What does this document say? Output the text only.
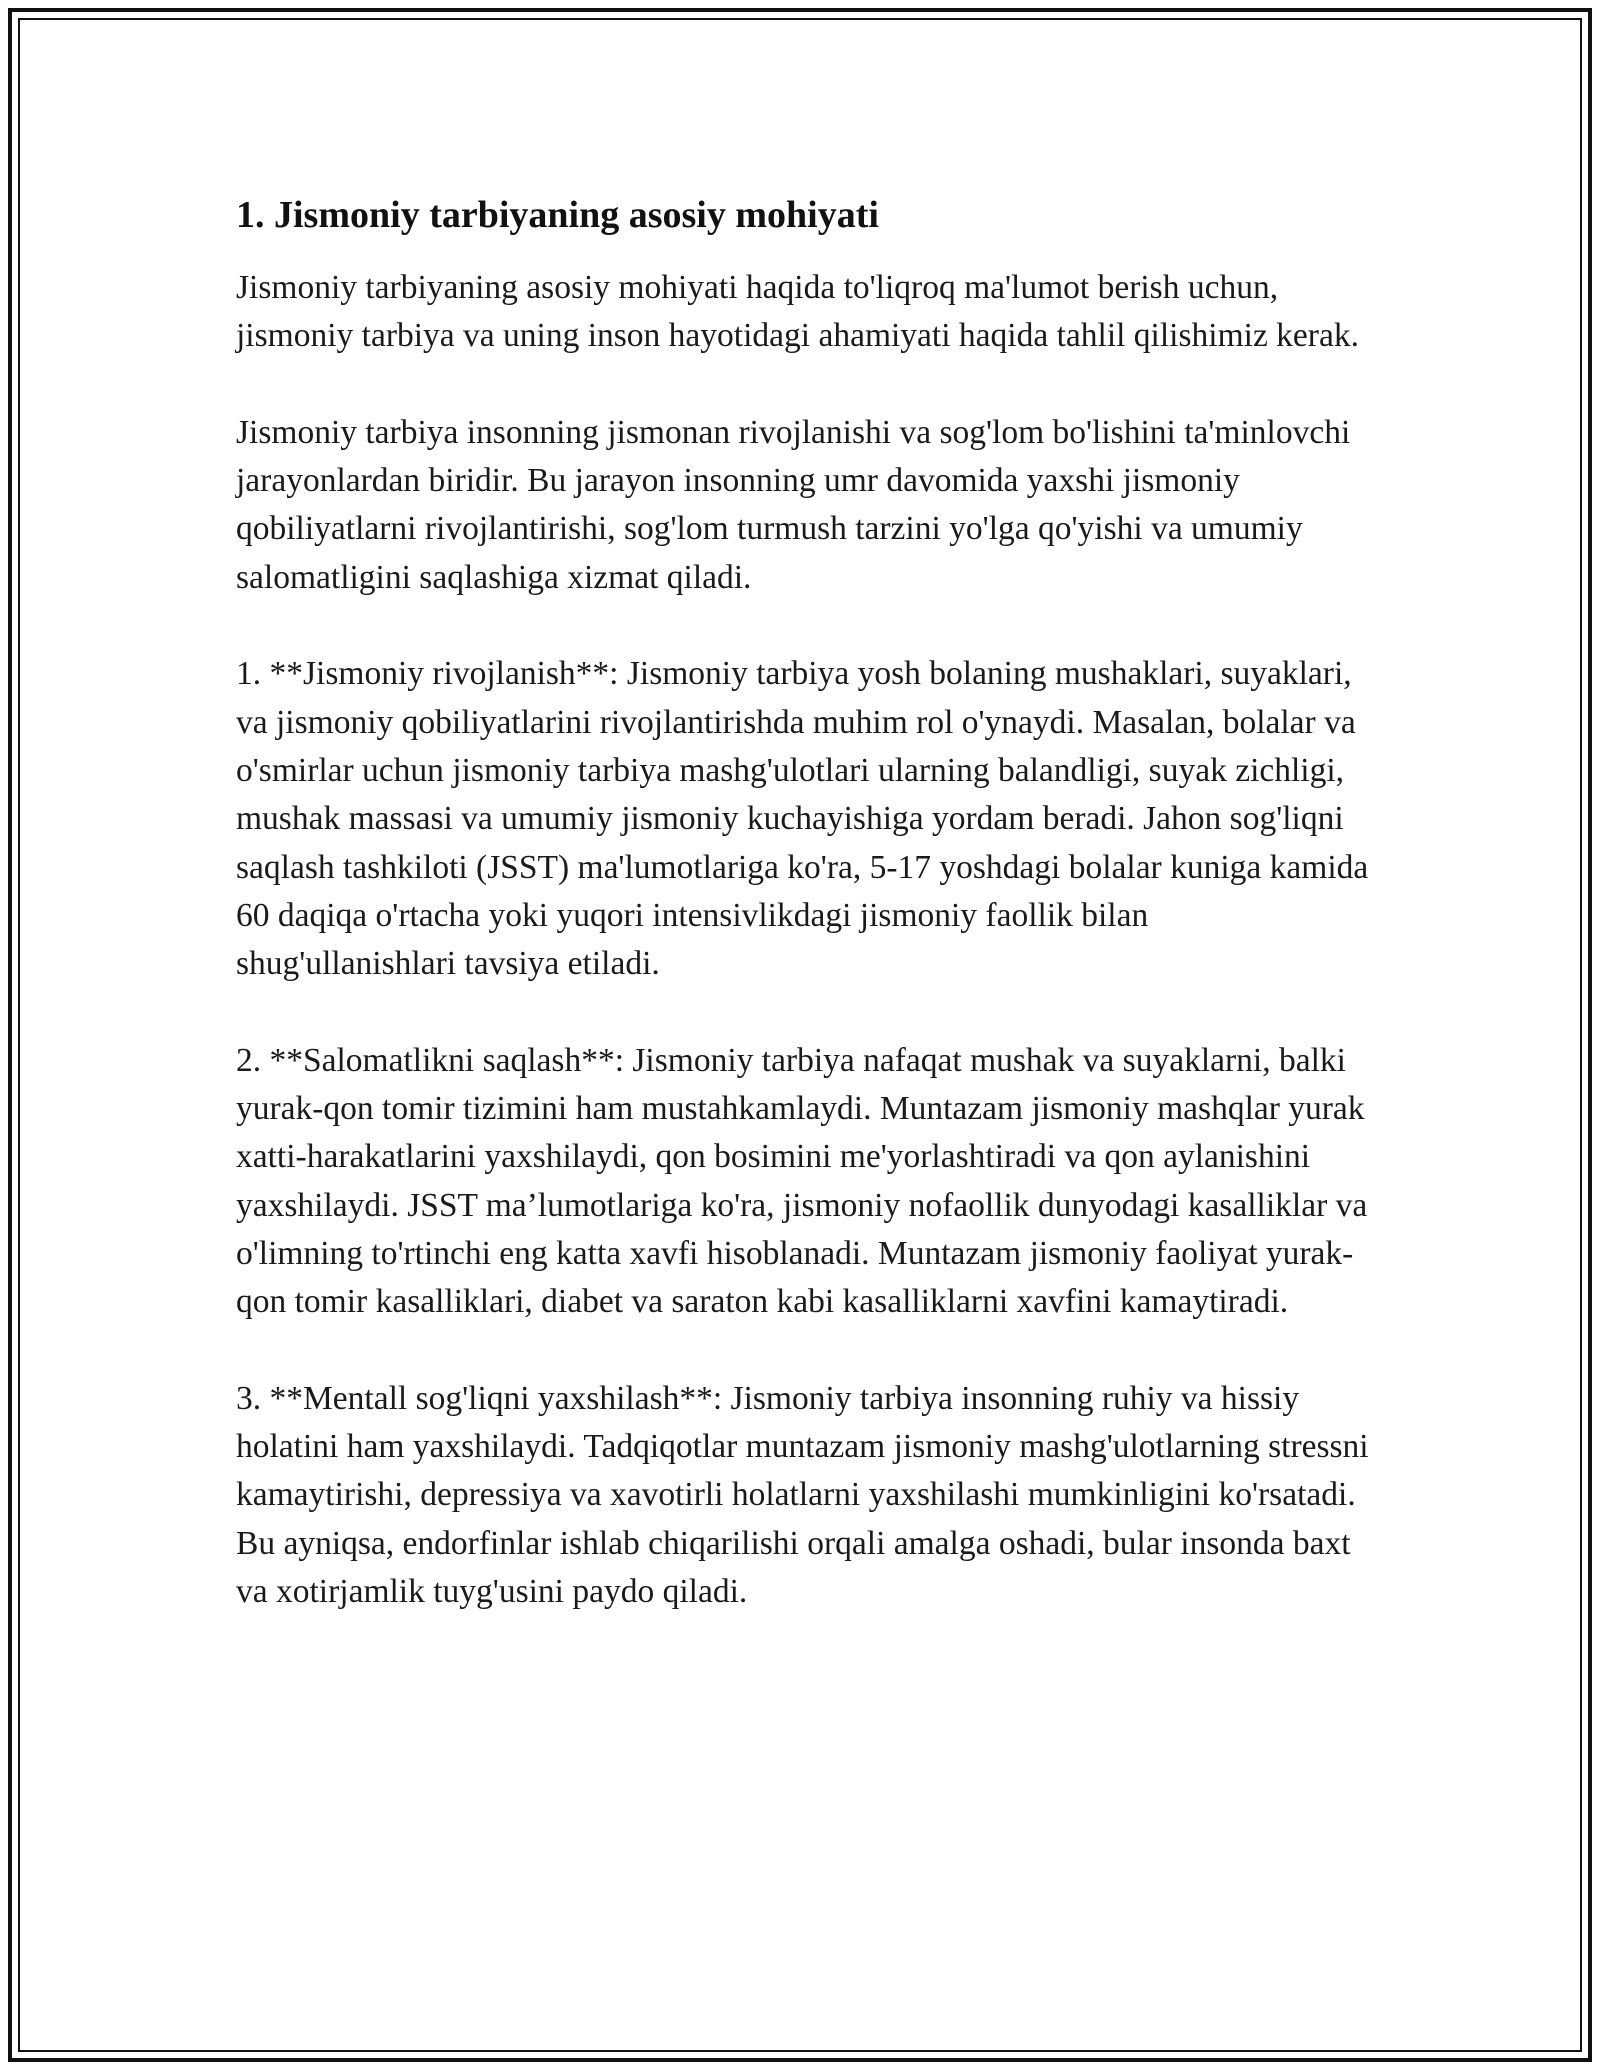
1. Jismoniy tarbiyaning asosiy mohiyati

Jismoniy tarbiyaning asosiy mohiyati haqida to'liqroq ma'lumot berish uchun, jismoniy tarbiya va uning inson hayotidagi ahamiyati haqida tahlil qilishimiz kerak.

Jismoniy tarbiya insonning jismonan rivojlanishi va sog'lom bo'lishini ta'minlovchi jarayonlardan biridir. Bu jarayon insonning umr davomida yaxshi jismoniy qobiliyatlarni rivojlantirishi, sog'lom turmush tarzini yo'lga qo'yishi va umumiy salomatligini saqlashiga xizmat qiladi.

1. **Jismoniy rivojlanish**: Jismoniy tarbiya yosh bolaning mushaklari, suyaklari, va jismoniy qobiliyatlarini rivojlantirishda muhim rol o'ynaydi. Masalan, bolalar va o'smirlar uchun jismoniy tarbiya mashg'ulotlari ularning balandligi, suyak zichligi, mushak massasi va umumiy jismoniy kuchayishiga yordam beradi. Jahon sog'liqni saqlash tashkiloti (JSST) ma'lumotlariga ko'ra, 5-17 yoshdagi bolalar kuniga kamida 60 daqiqa o'rtacha yoki yuqori intensivlikdagi jismoniy faollik bilan shug'ullanishlari tavsiya etiladi.

2. **Salomatlikni saqlash**: Jismoniy tarbiya nafaqat mushak va suyaklarni, balki yurak-qon tomir tizimini ham mustahkamlaydi. Muntazam jismoniy mashqlar yurak xatti-harakatlarini yaxshilaydi, qon bosimini me'yorlashtiradi va qon aylanishini yaxshilaydi. JSST ma’lumotlariga ko'ra, jismoniy nofaollik dunyodagi kasalliklar va o'limning to'rtinchi eng katta xavfi hisoblanadi. Muntazam jismoniy faoliyat yurak-qon tomir kasalliklari, diabet va saraton kabi kasalliklarni xavfini kamaytiradi.

3. **Mentall sog'liqni yaxshilash**: Jismoniy tarbiya insonning ruhiy va hissiy holatini ham yaxshilaydi. Tadqiqotlar muntazam jismoniy mashg'ulotlarning stressni kamaytirishi, depressiya va xavotirli holatlarni yaxshilashi mumkinligini ko'rsatadi. Bu ayniqsa, endorfinlar ishlab chiqarilishi orqali amalga oshadi, bular insonda baxt va xotirjamlik tuyg'usini paydo qiladi.
